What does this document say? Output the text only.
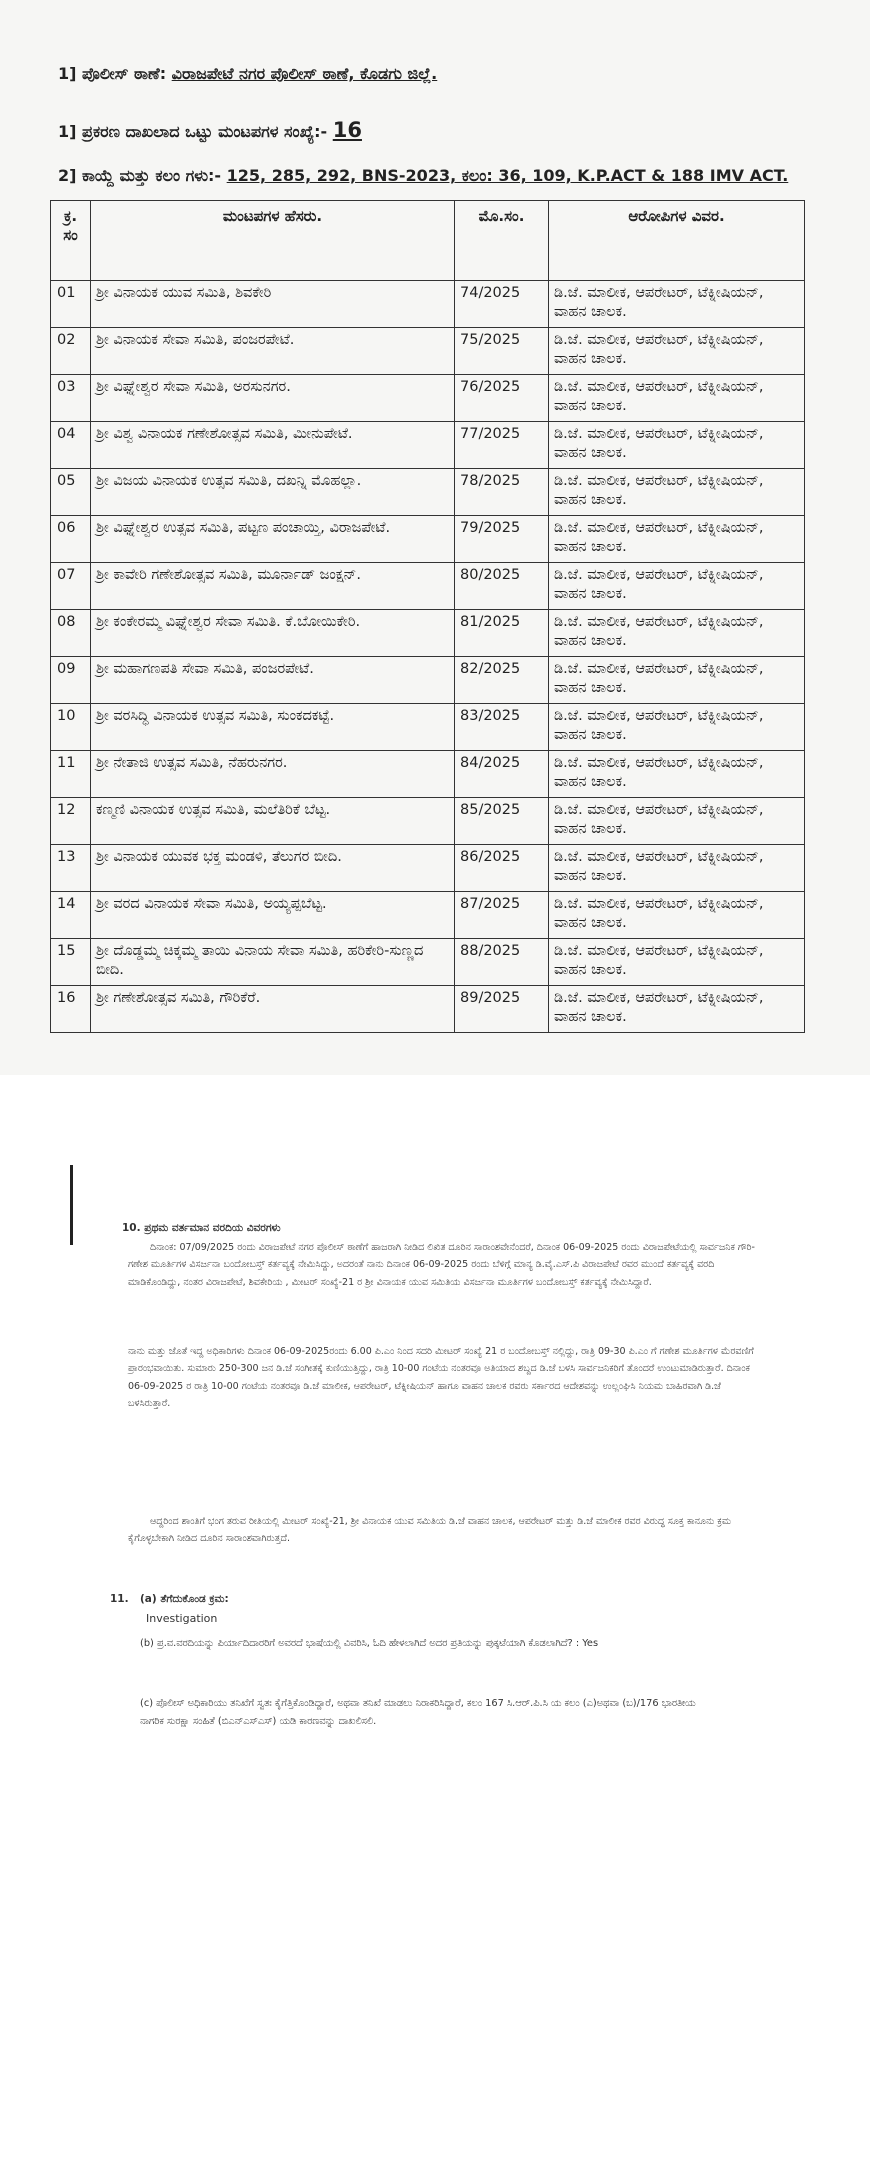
1] ಪೊಲೀಸ್ ಠಾಣೆ: ವಿರಾಜಪೇಟೆ ನಗರ ಪೊಲೀಸ್ ಠಾಣೆ, ಕೊಡಗು ಜಿಲ್ಲೆ.
1] ಪ್ರಕರಣ ದಾಖಲಾದ ಒಟ್ಟು ಮಂಟಪಗಳ ಸಂಖ್ಯೆ:- 16
2] ಕಾಯ್ದೆ ಮತ್ತು ಕಲಂ ಗಳು:- 125, 285, 292, BNS-2023, ಕಲಂ: 36, 109, K.P.ACT & 188 IMV ACT.
ಕ್ರ. ಸಂ	ಮಂಟಪಗಳ ಹೆಸರು.	ಮೊ.ಸಂ.	ಆರೋಪಿಗಳ ವಿವರ.
01	ಶ್ರೀ ವಿನಾಯಕ ಯುವ ಸಮಿತಿ, ಶಿವಕೇರಿ	74/2025	ಡಿ.ಜೆ. ಮಾಲೀಕ, ಆಪರೇಟರ್, ಟೆಕ್ನೀಷಿಯನ್, ವಾಹನ ಚಾಲಕ.
02	ಶ್ರೀ ವಿನಾಯಕ ಸೇವಾ ಸಮಿತಿ, ಪಂಜರಪೇಟೆ.	75/2025	ಡಿ.ಜೆ. ಮಾಲೀಕ, ಆಪರೇಟರ್, ಟೆಕ್ನೀಷಿಯನ್, ವಾಹನ ಚಾಲಕ.
03	ಶ್ರೀ ವಿಘ್ನೇಶ್ವರ ಸೇವಾ ಸಮಿತಿ, ಅರಸುನಗರ.	76/2025	ಡಿ.ಜೆ. ಮಾಲೀಕ, ಆಪರೇಟರ್, ಟೆಕ್ನೀಷಿಯನ್, ವಾಹನ ಚಾಲಕ.
04	ಶ್ರೀ ವಿಶ್ವ ವಿನಾಯಕ ಗಣೇಶೋತ್ಸವ ಸಮಿತಿ, ಮೀನುಪೇಟೆ.	77/2025	ಡಿ.ಜೆ. ಮಾಲೀಕ, ಆಪರೇಟರ್, ಟೆಕ್ನೀಷಿಯನ್, ವಾಹನ ಚಾಲಕ.
05	ಶ್ರೀ ವಿಜಯ ವಿನಾಯಕ ಉತ್ಸವ ಸಮಿತಿ, ದಖನ್ನಿ ಮೊಹಲ್ಲಾ.	78/2025	ಡಿ.ಜೆ. ಮಾಲೀಕ, ಆಪರೇಟರ್, ಟೆಕ್ನೀಷಿಯನ್, ವಾಹನ ಚಾಲಕ.
06	ಶ್ರೀ ವಿಘ್ನೇಶ್ವರ ಉತ್ಸವ ಸಮಿತಿ, ಪಟ್ಟಣ ಪಂಚಾಯ್ತಿ, ವಿರಾಜಪೇಟೆ.	79/2025	ಡಿ.ಜೆ. ಮಾಲೀಕ, ಆಪರೇಟರ್, ಟೆಕ್ನೀಷಿಯನ್, ವಾಹನ ಚಾಲಕ.
07	ಶ್ರೀ ಕಾವೇರಿ ಗಣೇಶೋತ್ಸವ ಸಮಿತಿ, ಮೂರ್ನಾಡ್ ಜಂಕ್ಷನ್.	80/2025	ಡಿ.ಜೆ. ಮಾಲೀಕ, ಆಪರೇಟರ್, ಟೆಕ್ನೀಷಿಯನ್, ವಾಹನ ಚಾಲಕ.
08	ಶ್ರೀ ಕಂಕೇರಮ್ಮ ವಿಘ್ನೇಶ್ವರ ಸೇವಾ ಸಮಿತಿ. ಕೆ.ಬೋಯಿಕೇರಿ.	81/2025	ಡಿ.ಜೆ. ಮಾಲೀಕ, ಆಪರೇಟರ್, ಟೆಕ್ನೀಷಿಯನ್, ವಾಹನ ಚಾಲಕ.
09	ಶ್ರೀ ಮಹಾಗಣಪತಿ ಸೇವಾ ಸಮಿತಿ, ಪಂಜರಪೇಟೆ.	82/2025	ಡಿ.ಜೆ. ಮಾಲೀಕ, ಆಪರೇಟರ್, ಟೆಕ್ನೀಷಿಯನ್, ವಾಹನ ಚಾಲಕ.
10	ಶ್ರೀ ವರಸಿದ್ಧಿ ವಿನಾಯಕ ಉತ್ಸವ ಸಮಿತಿ, ಸುಂಕದಕಟ್ಟೆ.	83/2025	ಡಿ.ಜೆ. ಮಾಲೀಕ, ಆಪರೇಟರ್, ಟೆಕ್ನೀಷಿಯನ್, ವಾಹನ ಚಾಲಕ.
11	ಶ್ರೀ ನೇತಾಜಿ ಉತ್ಸವ ಸಮಿತಿ, ನೆಹರುನಗರ.	84/2025	ಡಿ.ಜೆ. ಮಾಲೀಕ, ಆಪರೇಟರ್, ಟೆಕ್ನೀಷಿಯನ್, ವಾಹನ ಚಾಲಕ.
12	ಕಣ್ಮಣಿ ವಿನಾಯಕ ಉತ್ಸವ ಸಮಿತಿ, ಮಲೆತಿರಿಕೆ ಬೆಟ್ಟ.	85/2025	ಡಿ.ಜೆ. ಮಾಲೀಕ, ಆಪರೇಟರ್, ಟೆಕ್ನೀಷಿಯನ್, ವಾಹನ ಚಾಲಕ.
13	ಶ್ರೀ ವಿನಾಯಕ ಯುವಕ ಭಕ್ತ ಮಂಡಳಿ, ತೆಲುಗರ ಬೀದಿ.	86/2025	ಡಿ.ಜೆ. ಮಾಲೀಕ, ಆಪರೇಟರ್, ಟೆಕ್ನೀಷಿಯನ್, ವಾಹನ ಚಾಲಕ.
14	ಶ್ರೀ ವರದ ವಿನಾಯಕ ಸೇವಾ ಸಮಿತಿ, ಅಯ್ಯಪ್ಪಬೆಟ್ಟ.	87/2025	ಡಿ.ಜೆ. ಮಾಲೀಕ, ಆಪರೇಟರ್, ಟೆಕ್ನೀಷಿಯನ್, ವಾಹನ ಚಾಲಕ.
15	ಶ್ರೀ ದೊಡ್ಡಮ್ಮ ಚಿಕ್ಕಮ್ಮ ತಾಯಿ ವಿನಾಯ ಸೇವಾ ಸಮಿತಿ, ಹರಿಕೇರಿ-ಸುಣ್ಣದ ಬೀದಿ.	88/2025	ಡಿ.ಜೆ. ಮಾಲೀಕ, ಆಪರೇಟರ್, ಟೆಕ್ನೀಷಿಯನ್, ವಾಹನ ಚಾಲಕ.
16	ಶ್ರೀ ಗಣೇಶೋತ್ಸವ ಸಮಿತಿ, ಗೌರಿಕೆರೆ.	89/2025	ಡಿ.ಜೆ. ಮಾಲೀಕ, ಆಪರೇಟರ್, ಟೆಕ್ನೀಷಿಯನ್, ವಾಹನ ಚಾಲಕ.
10. ಪ್ರಥಮ ವರ್ತಮಾನ ವರದಿಯ ವಿವರಗಳು
ದಿನಾಂಕ: 07/09/2025 ರಂದು ವಿರಾಜಪೇಟೆ ನಗರ ಪೊಲೀಸ್ ಠಾಣೆಗೆ ಹಾಜರಾಗಿ ನೀಡಿದ ಲಿಖಿತ ದೂರಿನ ಸಾರಾಂಶವೇನೆಂದರೆ, ದಿನಾಂಕ 06-09-2025 ರಂದು ವಿರಾಜಪೇಟೆಯಲ್ಲಿ ಸಾರ್ವಜನಿಕ ಗೌರಿ-ಗಣೇಶ ಮೂರ್ತಿಗಳ ವಿಸರ್ಜನಾ ಬಂದೋಬಸ್ತ್ ಕರ್ತವ್ಯಕ್ಕೆ ನೇಮಿಸಿದ್ದು, ಅದರಂತೆ ನಾನು ದಿನಾಂಕ 06-09-2025 ರಂದು ಬೆಳಿಗ್ಗೆ ಮಾನ್ಯ ಡಿ.ವೈ.ಎಸ್.ಪಿ ವಿರಾಜಪೇಟೆ ರವರ ಮುಂದೆ ಕರ್ತವ್ಯಕ್ಕೆ ವರದಿ ಮಾಡಿಕೊಂಡಿದ್ದು, ನಂತರ ವಿರಾಜಪೇಟೆ, ಶಿವಕೇರಿಯ , ಮೀಟರ್ ಸಂಖ್ಯೆ-21 ರ ಶ್ರೀ ವಿನಾಯಕ ಯುವ ಸಮಿತಿಯ ವಿಸರ್ಜನಾ ಮೂರ್ತಿಗಳ ಬಂದೋಬಸ್ತ್ ಕರ್ತವ್ಯಕ್ಕೆ ನೇಮಿಸಿದ್ದಾರೆ.
ನಾನು ಮತ್ತು ಜೊತೆ ಇದ್ದ ಅಧಿಕಾರಿಗಳು ದಿನಾಂಕ 06-09-2025ರಂದು 6.00 ಪಿ.ಎಂ ನಿಂದ ಸದರಿ ಮೀಟರ್ ಸಂಖ್ಯೆ 21 ರ ಬಂದೋಬಸ್ತ್ ನಲ್ಲಿದ್ದು, ರಾತ್ರಿ 09-30 ಪಿ.ಎಂ ಗೆ ಗಣೇಶ ಮೂರ್ತಿಗಳ ಮೆರವಣಿಗೆ ಪ್ರಾರಂಭವಾಯಿತು. ಸುಮಾರು 250-300 ಜನ ಡಿ.ಜೆ ಸಂಗೀತಕ್ಕೆ ಕುಣಿಯುತ್ತಿದ್ದು, ರಾತ್ರಿ 10-00 ಗಂಟೆಯ ನಂತರವೂ ಅತಿಯಾದ ಶಬ್ದದ ಡಿ.ಜೆ ಬಳಸಿ ಸಾರ್ವಜನಿಕರಿಗೆ ತೊಂದರೆ ಉಂಟುಮಾಡಿರುತ್ತಾರೆ. ದಿನಾಂಕ 06-09-2025 ರ ರಾತ್ರಿ 10-00 ಗಂಟೆಯ ನಂತರವೂ ಡಿ.ಜೆ ಮಾಲೀಕ, ಆಪರೇಟರ್, ಟೆಕ್ನೀಷಿಯನ್ ಹಾಗೂ ವಾಹನ ಚಾಲಕ ರವರು ಸರ್ಕಾರದ ಆದೇಶವನ್ನು ಉಲ್ಲಂಘಿಸಿ ನಿಯಮ ಬಾಹಿರವಾಗಿ ಡಿ.ಜೆ ಬಳಸಿರುತ್ತಾರೆ.
ಆದ್ದರಿಂದ ಶಾಂತಿಗೆ ಭಂಗ ತರುವ ರೀತಿಯಲ್ಲಿ ಮೀಟರ್ ಸಂಖ್ಯೆ-21, ಶ್ರೀ ವಿನಾಯಕ ಯುವ ಸಮಿತಿಯ ಡಿ.ಜೆ ವಾಹನ ಚಾಲಕ, ಆಪರೇಟರ್ ಮತ್ತು ಡಿ.ಜೆ ಮಾಲೀಕ ರವರ ವಿರುದ್ಧ ಸೂಕ್ತ ಕಾನೂನು ಕ್ರಮ ಕೈಗೊಳ್ಳಬೇಕಾಗಿ ನೀಡಿದ ದೂರಿನ ಸಾರಾಂಶವಾಗಿರುತ್ತದೆ.
11. (a) ತೆಗೆದುಕೊಂಡ ಕ್ರಮ:
Investigation
(b) ಪ್ರ.ವ.ವರದಿಯನ್ನು ಪಿರ್ಯಾದಿದಾರರಿಗೆ ಅವರದೆ ಭಾಷೆಯಲ್ಲಿ ವಿವರಿಸಿ, ಓದಿ ಹೇಳಲಾಗಿದೆ ಅದರ ಪ್ರತಿಯನ್ನು ಪುಕ್ಕಟೆಯಾಗಿ ಕೊಡಲಾಗಿದೆ? : Yes
(c) ಪೊಲೀಸ್ ಅಧಿಕಾರಿಯು ತನಿಖೆಗೆ ಸ್ವತಃ ಕೈಗೆತ್ತಿಕೊಂಡಿದ್ದಾರೆ, ಅಥವಾ ತನಿಖೆ ಮಾಡಲು ನಿರಾಕರಿಸಿದ್ದಾರೆ, ಕಲಂ 167 ಸಿ.ಆರ್.ಪಿ.ಸಿ ಯ ಕಲಂ (ಎ)ಅಥವಾ (ಬ)/176 ಭಾರತೀಯ ನಾಗರಿಕ ಸುರಕ್ಷಾ ಸಂಹಿತೆ (ಬಿಎನ್ಎಸ್ಎಸ್) ಯಡಿ ಕಾರಣವನ್ನು ದಾಖಲಿಸಲಿ.
